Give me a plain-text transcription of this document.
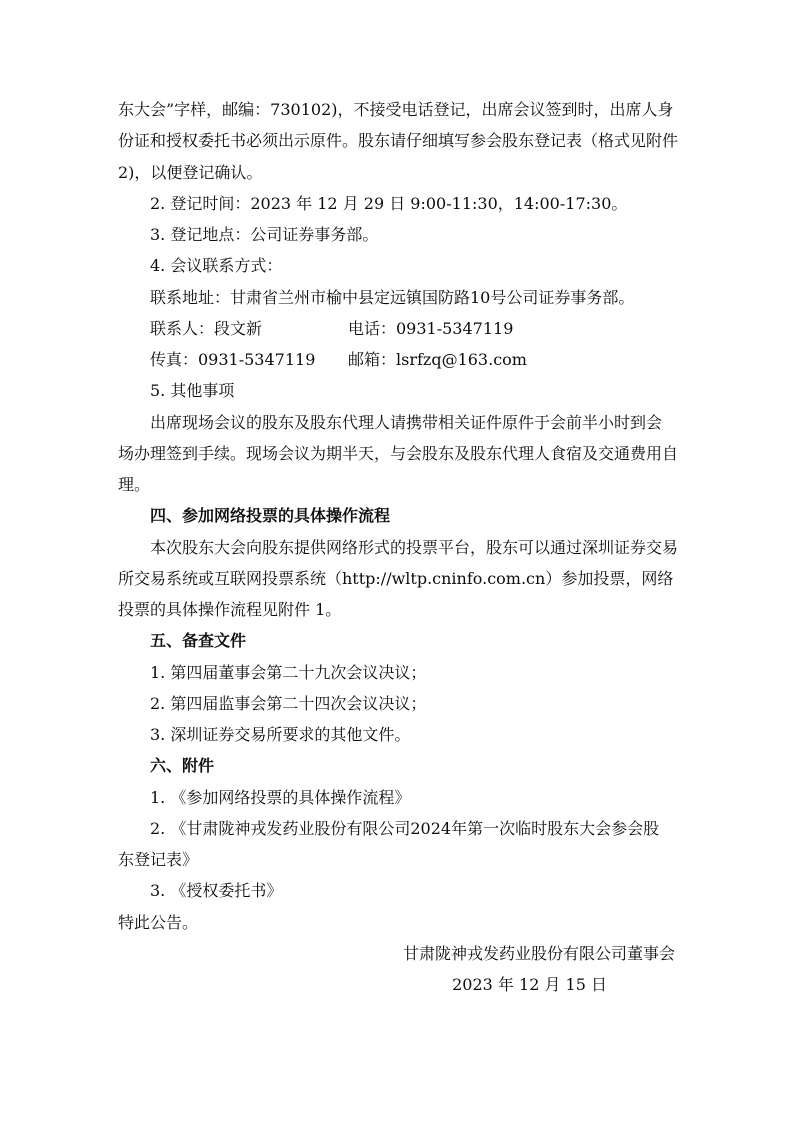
东大会”字样，邮编：730102)，不接受电话登记，出席会议签到时，出席人身
份证和授权委托书必须出示原件。股东请仔细填写参会股东登记表（格式见附件
2)，以便登记确认。
2. 登记时间：2023 年 12 月 29 日 9:00-11:30，14:00-17:30。
3. 登记地点：公司证券事务部。
4. 会议联系方式：
联系地址：甘肃省兰州市榆中县定远镇国防路10号公司证券事务部。
联系人：段文新	电话：0931-5347119
传真：0931-5347119	邮箱：lsrfzq@163.com
5. 其他事项
出席现场会议的股东及股东代理人请携带相关证件原件于会前半小时到会
场办理签到手续。现场会议为期半天，与会股东及股东代理人食宿及交通费用自
理。
四、参加网络投票的具体操作流程
本次股东大会向股东提供网络形式的投票平台，股东可以通过深圳证券交易
所交易系统或互联网投票系统（http://wltp.cninfo.com.cn）参加投票，网络
投票的具体操作流程见附件 1。
五、备查文件
1. 第四届董事会第二十九次会议决议；
2. 第四届监事会第二十四次会议决议；
3. 深圳证券交易所要求的其他文件。
六、附件
1. 《参加网络投票的具体操作流程》
2. 《甘肃陇神戎发药业股份有限公司2024年第一次临时股东大会参会股
东登记表》
3. 《授权委托书》
特此公告。
甘肃陇神戎发药业股份有限公司董事会
2023 年 12 月 15 日
